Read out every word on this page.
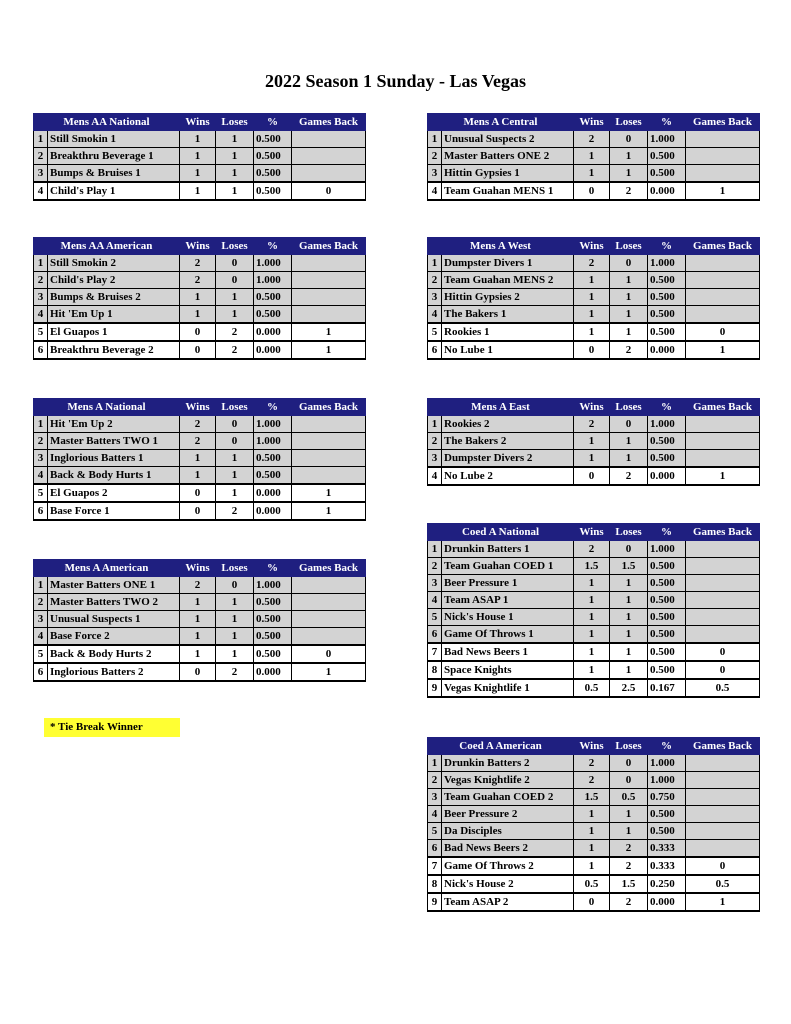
2022 Season 1 Sunday - Las Vegas
Mens AA National		Wins	Loses	%	Games Back
1	Still Smokin 1	1	1	0.500	
2	Breakthru Beverage 1	1	1	0.500	
3	Bumps & Bruises 1	1	1	0.500	
4	Child's Play 1	1	1	0.500	0
Mens A Central		Wins	Loses	%	Games Back
1	Unusual Suspects 2	2	0	1.000	
2	Master Batters ONE 2	1	1	0.500	
3	Hittin Gypsies 1	1	1	0.500	
4	Team Guahan MENS 1	0	2	0.000	1
Mens AA American		Wins	Loses	%	Games Back
1	Still Smokin 2	2	0	1.000	
2	Child's Play 2	2	0	1.000	
3	Bumps & Bruises 2	1	1	0.500	
4	Hit 'Em Up 1	1	1	0.500	
5	El Guapos 1	0	2	0.000	1
6	Breakthru Beverage 2	0	2	0.000	1
Mens A West		Wins	Loses	%	Games Back
1	Dumpster Divers 1	2	0	1.000	
2	Team Guahan MENS 2	1	1	0.500	
3	Hittin Gypsies 2	1	1	0.500	
4	The Bakers 1	1	1	0.500	
5	Rookies 1	1	1	0.500	0
6	No Lube 1	0	2	0.000	1
Mens A National		Wins	Loses	%	Games Back
1	Hit 'Em Up 2	2	0	1.000	
2	Master Batters TWO 1	2	0	1.000	
3	Inglorious Batters 1	1	1	0.500	
4	Back & Body Hurts 1	1	1	0.500	
5	El Guapos 2	0	1	0.000	1
6	Base Force 1	0	2	0.000	1
Mens A East		Wins	Loses	%	Games Back
1	Rookies 2	2	0	1.000	
2	The Bakers 2	1	1	0.500	
3	Dumpster Divers 2	1	1	0.500	
4	No Lube 2	0	2	0.000	1
Coed A National		Wins	Loses	%	Games Back
1	Drunkin Batters 1	2	0	1.000	
2	Team Guahan COED 1	1.5	1.5	0.500	
3	Beer Pressure 1	1	1	0.500	
4	Team ASAP 1	1	1	0.500	
5	Nick's House 1	1	1	0.500	
6	Game Of Throws 1	1	1	0.500	
7	Bad News Beers 1	1	1	0.500	0
8	Space Knights	1	1	0.500	0
9	Vegas Knightlife 1	0.5	2.5	0.167	0.5
Mens A American		Wins	Loses	%	Games Back
1	Master Batters ONE 1	2	0	1.000	
2	Master Batters TWO 2	1	1	0.500	
3	Unusual Suspects 1	1	1	0.500	
4	Base Force 2	1	1	0.500	
5	Back & Body Hurts 2	1	1	0.500	0
6	Inglorious Batters 2	0	2	0.000	1
Coed A American		Wins	Loses	%	Games Back
1	Drunkin Batters 2	2	0	1.000	
2	Vegas Knightlife 2	2	0	1.000	
3	Team Guahan COED 2	1.5	0.5	0.750	
4	Beer Pressure 2	1	1	0.500	
5	Da Disciples	1	1	0.500	
6	Bad News Beers 2	1	2	0.333	
7	Game Of Throws 2	1	2	0.333	0
8	Nick's House 2	0.5	1.5	0.250	0.5
9	Team ASAP 2	0	2	0.000	1
* Tie Break Winner
